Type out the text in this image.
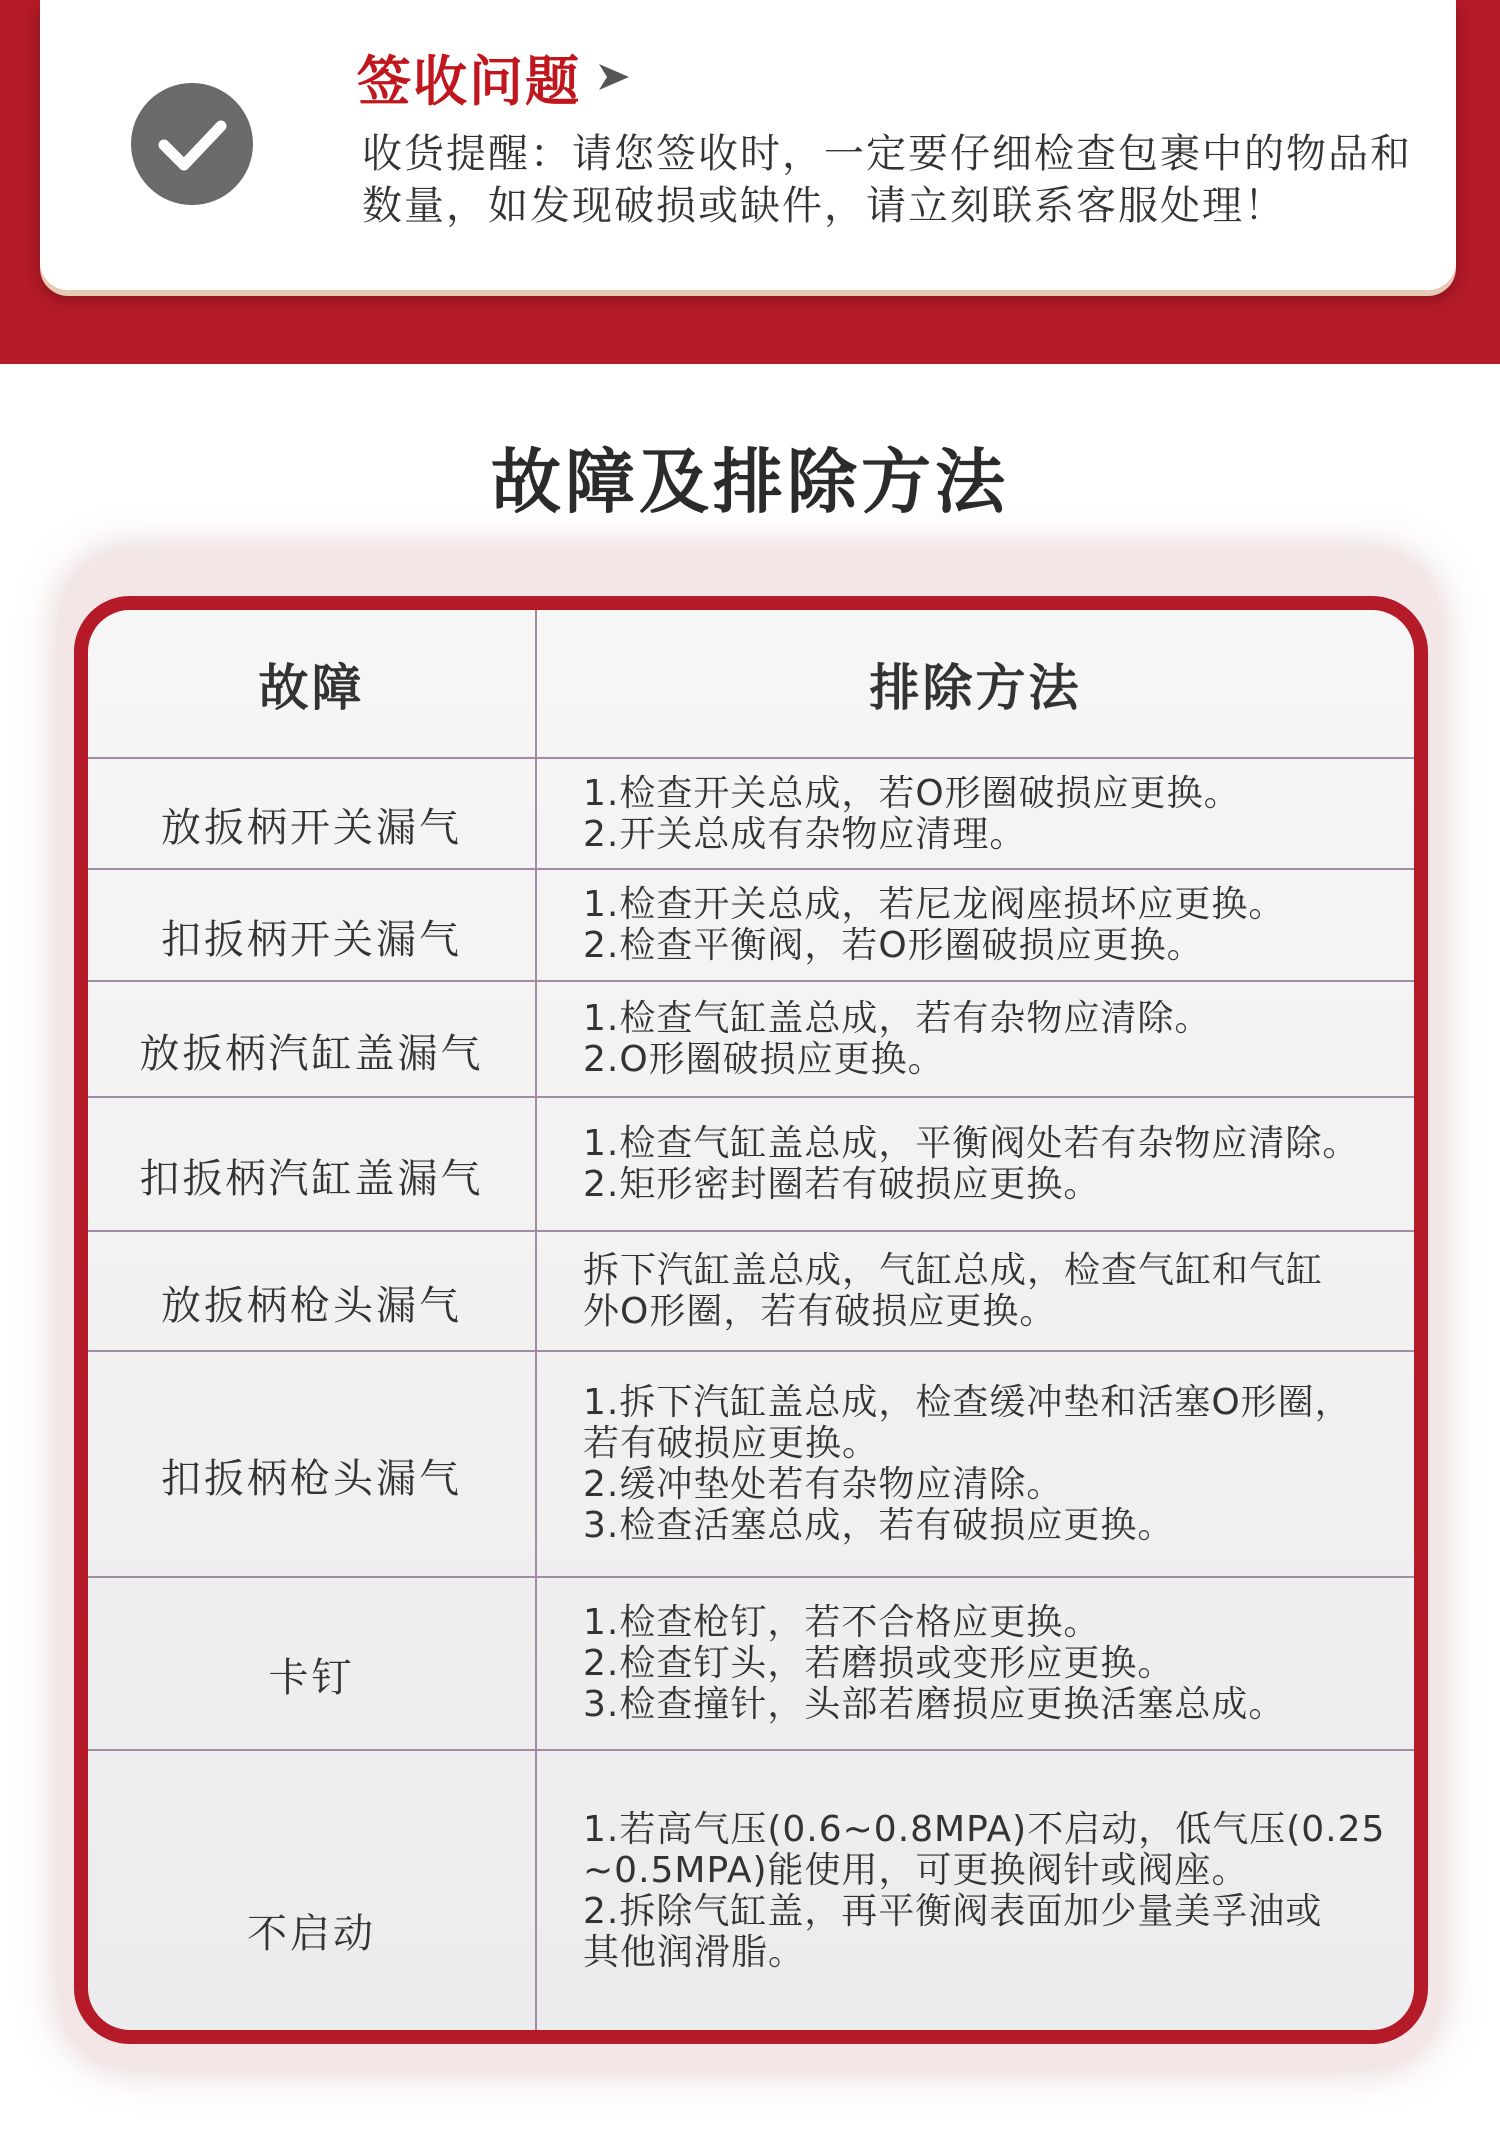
签收问题

收货提醒：请您签收时，一定要仔细检查包裹中的物品和
数量，如发现破损或缺件，请立刻联系客服处理！

故障及排除方法
故障	排除方法
放扳柄开关漏气	1.检查开关总成，若O形圈破损应更换。
2.开关总成有杂物应清理。

扣扳柄开关漏气	1.检查开关总成，若尼龙阀座损坏应更换。
2.检查平衡阀，若O形圈破损应更换。

放扳柄汽缸盖漏气	1.检查气缸盖总成，若有杂物应清除。
2.O形圈破损应更换。

扣扳柄汽缸盖漏气	1.检查气缸盖总成，平衡阀处若有杂物应清除。
2.矩形密封圈若有破损应更换。

放扳柄枪头漏气	拆下汽缸盖总成，气缸总成，检查气缸和气缸
外O形圈，若有破损应更换。

扣扳柄枪头漏气	1.拆下汽缸盖总成，检查缓冲垫和活塞O形圈，
若有破损应更换。
2.缓冲垫处若有杂物应清除。
3.检查活塞总成，若有破损应更换。

卡钉	1.检查枪钉，若不合格应更换。
2.检查钉头，若磨损或变形应更换。
3.检查撞针，头部若磨损应更换活塞总成。

不启动	1.若高气压(0.6~0.8MPA)不启动，低气压(0.25
~0.5MPA)能使用，可更换阀针或阀座。
2.拆除气缸盖，再平衡阀表面加少量美孚油或
其他润滑脂。
